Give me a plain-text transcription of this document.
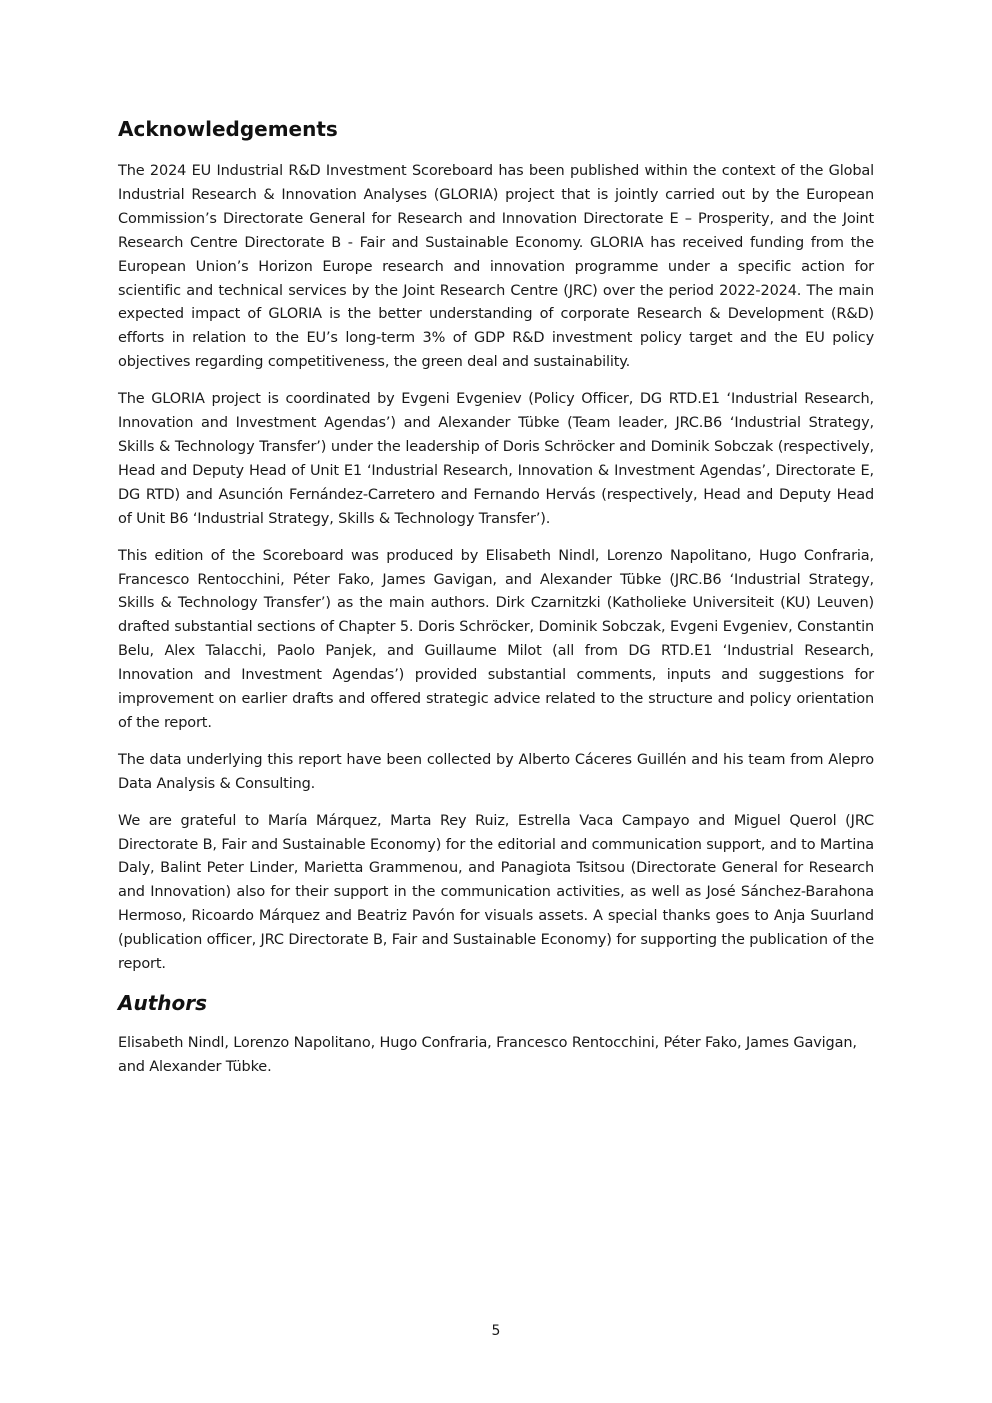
Acknowledgements

The 2024 EU Industrial R&D Investment Scoreboard has been published within the context of the Global Industrial Research & Innovation Analyses (GLORIA) project that is jointly carried out by the European Commission’s Directorate General for Research and Innovation Directorate E – Prosperity, and the Joint Research Centre Directorate B - Fair and Sustainable Economy. GLORIA has received funding from the European Union’s Horizon Europe research and innovation programme under a specific action for scientific and technical services by the Joint Research Centre (JRC) over the period 2022-2024. The main expected impact of GLORIA is the better understanding of corporate Research & Development (R&D) efforts in relation to the EU’s long-term 3% of GDP R&D investment policy target and the EU policy objectives regarding competitiveness, the green deal and sustainability.

The GLORIA project is coordinated by Evgeni Evgeniev (Policy Officer, DG RTD.E1 ‘Industrial Research, Innovation and Investment Agendas’) and Alexander Tübke (Team leader, JRC.B6 ‘Industrial Strategy, Skills & Technology Transfer’) under the leadership of Doris Schröcker and Dominik Sobczak (respectively, Head and Deputy Head of Unit E1 ‘Industrial Research, Innovation & Investment Agendas’, Directorate E, DG RTD) and Asunción Fernández-Carretero and Fernando Hervás (respectively, Head and Deputy Head of Unit B6 ‘Industrial Strategy, Skills & Technology Transfer’).

This edition of the Scoreboard was produced by Elisabeth Nindl, Lorenzo Napolitano, Hugo Confraria, Francesco Rentocchini, Péter Fako, James Gavigan, and Alexander Tübke (JRC.B6 ‘Industrial Strategy, Skills & Technology Transfer’) as the main authors. Dirk Czarnitzki (Katholieke Universiteit (KU) Leuven) drafted substantial sections of Chapter 5. Doris Schröcker, Dominik Sobczak, Evgeni Evgeniev, Constantin Belu, Alex Talacchi, Paolo Panjek, and Guillaume Milot (all from DG RTD.E1 ‘Industrial Research, Innovation and Investment Agendas’) provided substantial comments, inputs and suggestions for improvement on earlier drafts and offered strategic advice related to the structure and policy orientation of the report.

The data underlying this report have been collected by Alberto Cáceres Guillén and his team from Alepro Data Analysis & Consulting.

We are grateful to María Márquez, Marta Rey Ruiz, Estrella Vaca Campayo and Miguel Querol (JRC Directorate B, Fair and Sustainable Economy) for the editorial and communication support, and to Martina Daly, Balint Peter Linder, Marietta Grammenou, and Panagiota Tsitsou (Directorate General for Research and Innovation) also for their support in the communication activities, as well as José Sánchez-Barahona Hermoso, Ricoardo Márquez and Beatriz Pavón for visuals assets. A special thanks goes to Anja Suurland (publication officer, JRC Directorate B, Fair and Sustainable Economy) for supporting the publication of the report.

Authors

Elisabeth Nindl, Lorenzo Napolitano, Hugo Confraria, Francesco Rentocchini, Péter Fako, James Gavigan, and Alexander Tübke.

5
